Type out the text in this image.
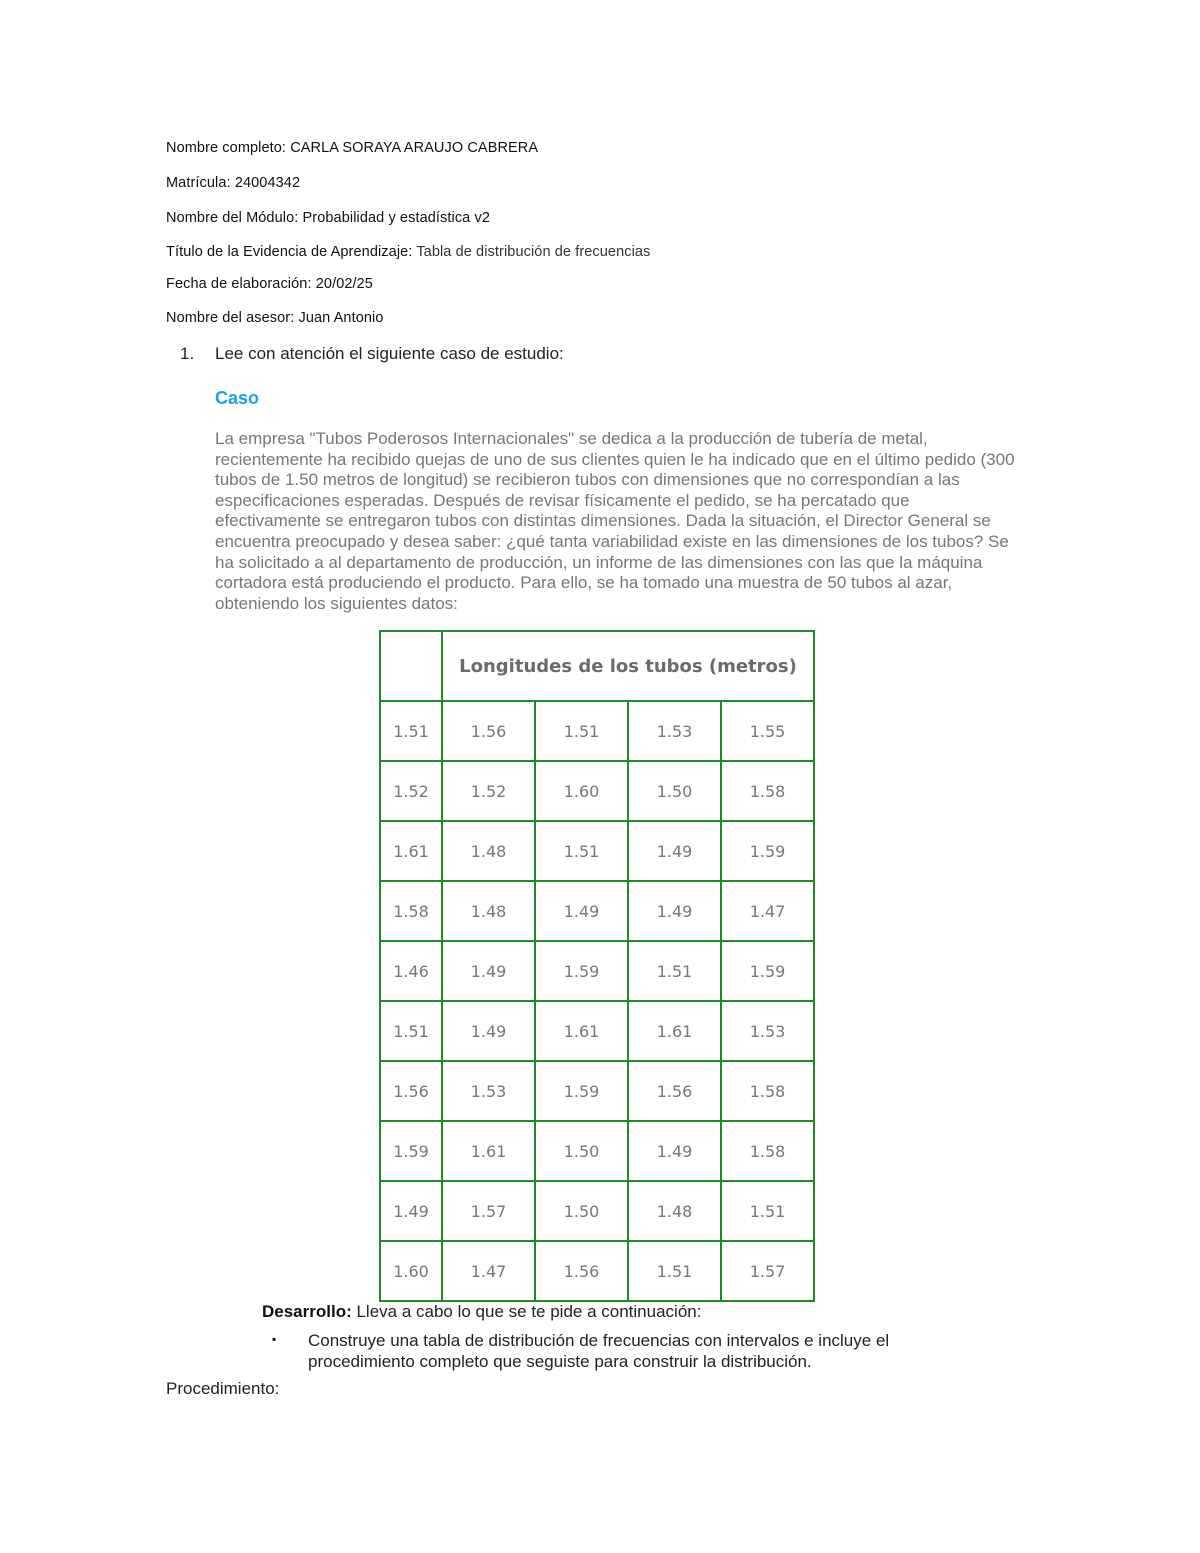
Nombre completo: CARLA SORAYA ARAUJO CABRERA
Matrícula: 24004342
Nombre del Módulo: Probabilidad y estadística v2
Título de la Evidencia de Aprendizaje: Tabla de distribución de frecuencias
Fecha de elaboración: 20/02/25
Nombre del asesor: Juan Antonio
1. Lee con atención el siguiente caso de estudio:
Caso

La empresa "Tubos Poderosos Internacionales" se dedica a la producción de tubería de metal, recientemente ha recibido quejas de uno de sus clientes quien le ha indicado que en el último pedido (300 tubos de 1.50 metros de longitud) se recibieron tubos con dimensiones que no correspondían a las especificaciones esperadas. Después de revisar físicamente el pedido, se ha percatado que efectivamente se entregaron tubos con distintas dimensiones. Dada la situación, el Director General se encuentra preocupado y desea saber: ¿qué tanta variabilidad existe en las dimensiones de los tubos? Se ha solicitado a al departamento de producción, un informe de las dimensiones con las que la máquina cortadora está produciendo el producto. Para ello, se ha tomado una muestra de 50 tubos al azar, obteniendo los siguientes datos:

	Longitudes de los tubos (metros)			
1.51	1.56	1.51	1.53	1.55
1.52	1.52	1.60	1.50	1.58
1.61	1.48	1.51	1.49	1.59
1.58	1.48	1.49	1.49	1.47
1.46	1.49	1.59	1.51	1.59
1.51	1.49	1.61	1.61	1.53
1.56	1.53	1.59	1.56	1.58
1.59	1.61	1.50	1.49	1.58
1.49	1.57	1.50	1.48	1.51
1.60	1.47	1.56	1.51	1.57
Desarrollo: Lleva a cabo lo que se te pide a continuación:
▪ Construye una tabla de distribución de frecuencias con intervalos e incluye el procedimiento completo que seguiste para construir la distribución.
Procedimiento:
